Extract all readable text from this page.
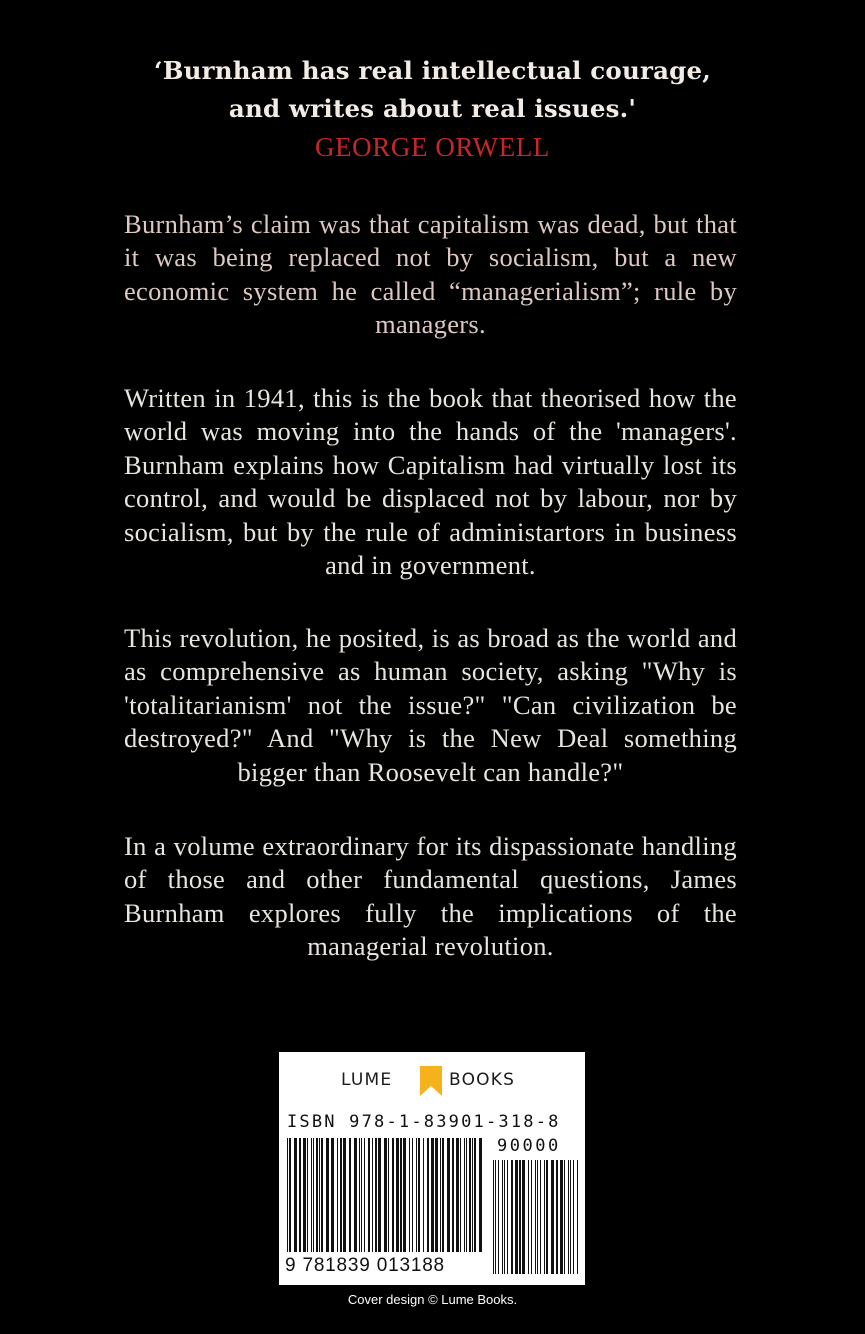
‘Burnham has real intellectual courage,
and writes about real issues.'
GEORGE ORWELL
Burnham’s claim was that capitalism was dead, but that it was being replaced not by socialism, but a new economic system he called “managerialism”; rule by managers.
Written in 1941, this is the book that theorised how the world was moving into the hands of the 'managers'. Burnham explains how Capitalism had virtually lost its control, and would be displaced not by labour, nor by socialism, but by the rule of administartors in business and in government.
This revolution, he posited, is as broad as the world and as comprehensive as human society, asking "Why is 'totalitarianism' not the issue?" "Can civilization be destroyed?" And "Why is the New Deal something bigger than Roosevelt can handle?"
In a volume extraordinary for its dispassionate handling of those and other fundamental questions, James Burnham explores fully the implications of the managerial revolution.
LUME	BOOKS
ISBN 978-1-83901-318-8
90000
9 781839 013188
Cover design © Lume Books.
